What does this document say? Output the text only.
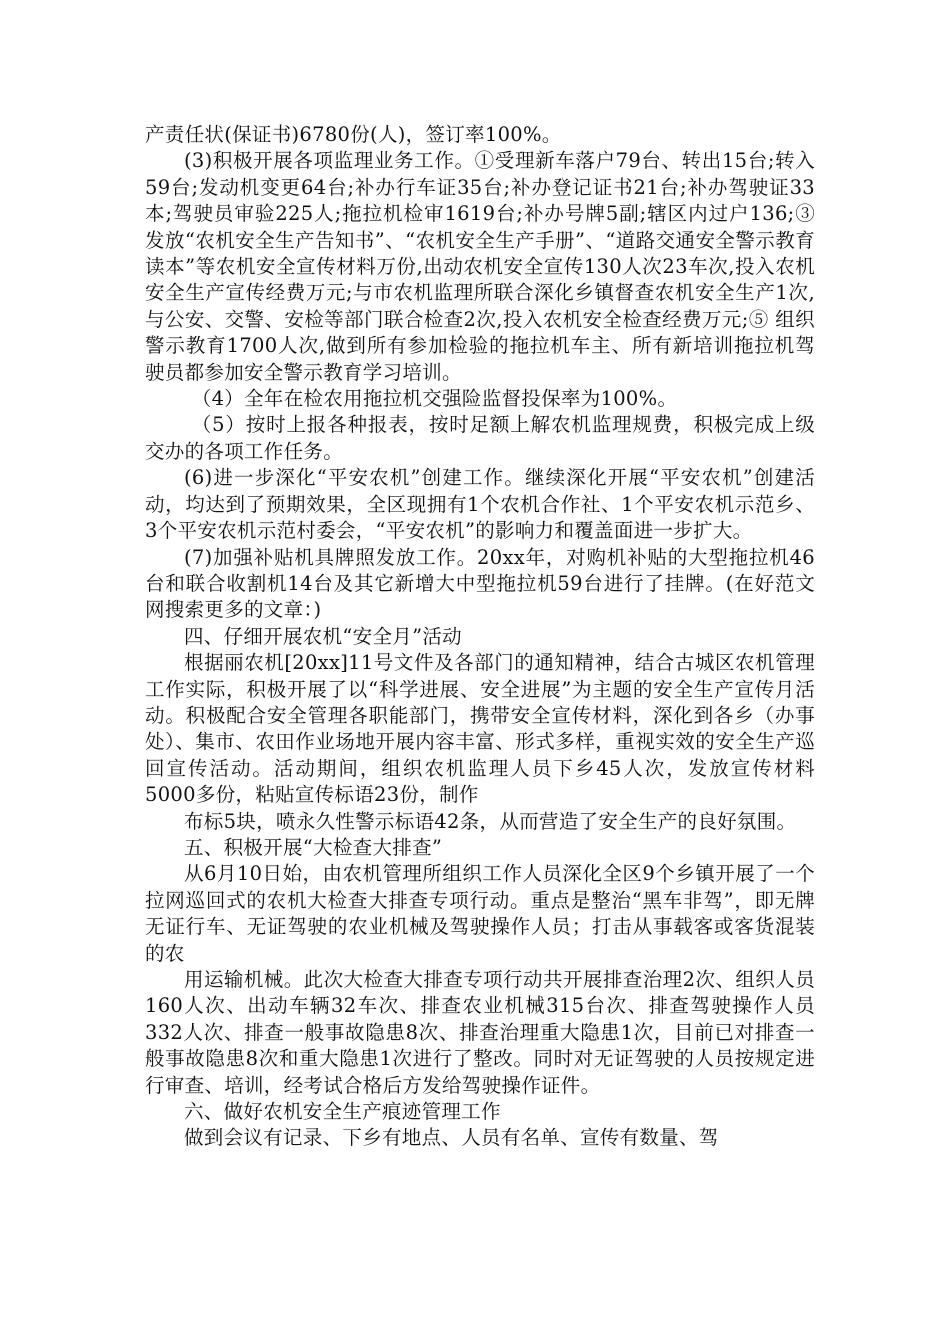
产责任状(保证书)6780份(人)，签订率100%。

(3)积极开展各项监理业务工作。①受理新车落户79台、转出15台;转入59台;发动机变更64台;补办行车证35台;补办登记证书21台;补办驾驶证33本;驾驶员审验225人;拖拉机检审1619台;补办号牌5副;辖区内过户136;③ 发放“农机安全生产告知书”、“农机安全生产手册”、“道路交通安全警示教育读本”等农机安全宣传材料万份,出动农机安全宣传130人次23车次,投入农机安全生产宣传经费万元;与市农机监理所联合深化乡镇督查农机安全生产1次,与公安、交警、安检等部门联合检查2次,投入农机安全检查经费万元;⑤ 组织警示教育1700人次,做到所有参加检验的拖拉机车主、所有新培训拖拉机驾驶员都参加安全警示教育学习培训。

（4）全年在检农用拖拉机交强险监督投保率为100%。

（5）按时上报各种报表，按时足额上解农机监理规费，积极完成上级交办的各项工作任务。

(6)进一步深化“平安农机”创建工作。继续深化开展“平安农机”创建活动，均达到了预期效果，全区现拥有1个农机合作社、1个平安农机示范乡、3个平安农机示范村委会，“平安农机”的影响力和覆盖面进一步扩大。

(7)加强补贴机具牌照发放工作。20xx年，对购机补贴的大型拖拉机46台和联合收割机14台及其它新增大中型拖拉机59台进行了挂牌。(在好范文网搜索更多的文章：)

四、仔细开展农机“安全月”活动

根据丽农机[20xx]11号文件及各部门的通知精神，结合古城区农机管理工作实际，积极开展了以“科学进展、安全进展”为主题的安全生产宣传月活动。积极配合安全管理各职能部门，携带安全宣传材料，深化到各乡（办事处）、集市、农田作业场地开展内容丰富、形式多样，重视实效的安全生产巡回宣传活动。活动期间，组织农机监理人员下乡45人次，发放宣传材料5000多份，粘贴宣传标语23份，制作

布标5块，喷永久性警示标语42条，从而营造了安全生产的良好氛围。

五、积极开展“大检查大排查”

从6月10日始，由农机管理所组织工作人员深化全区9个乡镇开展了一个拉网巡回式的农机大检查大排查专项行动。重点是整治“黑车非驾”，即无牌无证行车、无证驾驶的农业机械及驾驶操作人员；打击从事载客或客货混装的农

用运输机械。此次大检查大排查专项行动共开展排查治理2次、组织人员160人次、出动车辆32车次、排查农业机械315台次、排查驾驶操作人员332人次、排查一般事故隐患8次、排查治理重大隐患1次，目前已对排查一般事故隐患8次和重大隐患1次进行了整改。同时对无证驾驶的人员按规定进行审查、培训，经考试合格后方发给驾驶操作证件。

六、做好农机安全生产痕迹管理工作

做到会议有记录、下乡有地点、人员有名单、宣传有数量、驾
